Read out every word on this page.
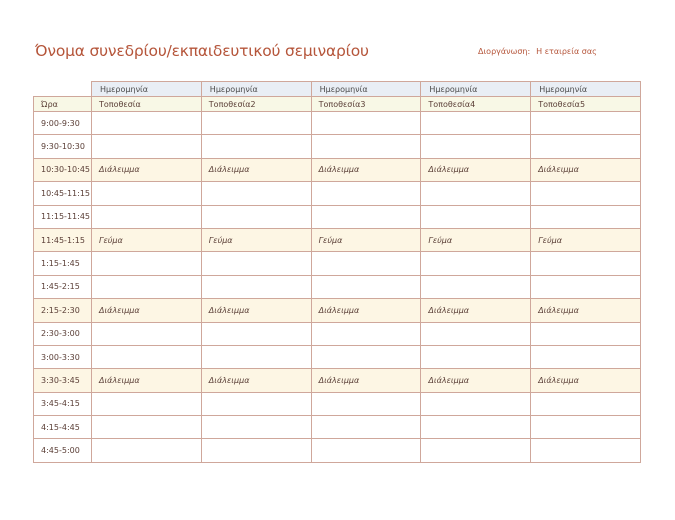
Όνομα συνεδρίου/εκπαιδευτικού σεμιναρίου	Διοργάνωση: Η εταιρεία σας
	Ημερομηνία	Ημερομηνία	Ημερομηνία	Ημερομηνία	Ημερομηνία
Ώρα	Τοποθεσία	Τοποθεσία2	Τοποθεσία3	Τοποθεσία4	Τοποθεσία5
9:00-9:30					
9:30-10:30					
10:30-10:45	Διάλειμμα	Διάλειμμα	Διάλειμμα	Διάλειμμα	Διάλειμμα
10:45-11:15					
11:15-11:45					
11:45-1:15	Γεύμα	Γεύμα	Γεύμα	Γεύμα	Γεύμα
1:15-1:45					
1:45-2:15					
2:15-2:30	Διάλειμμα	Διάλειμμα	Διάλειμμα	Διάλειμμα	Διάλειμμα
2:30-3:00					
3:00-3:30					
3:30-3:45	Διάλειμμα	Διάλειμμα	Διάλειμμα	Διάλειμμα	Διάλειμμα
3:45-4:15					
4:15-4:45					
4:45-5:00					
